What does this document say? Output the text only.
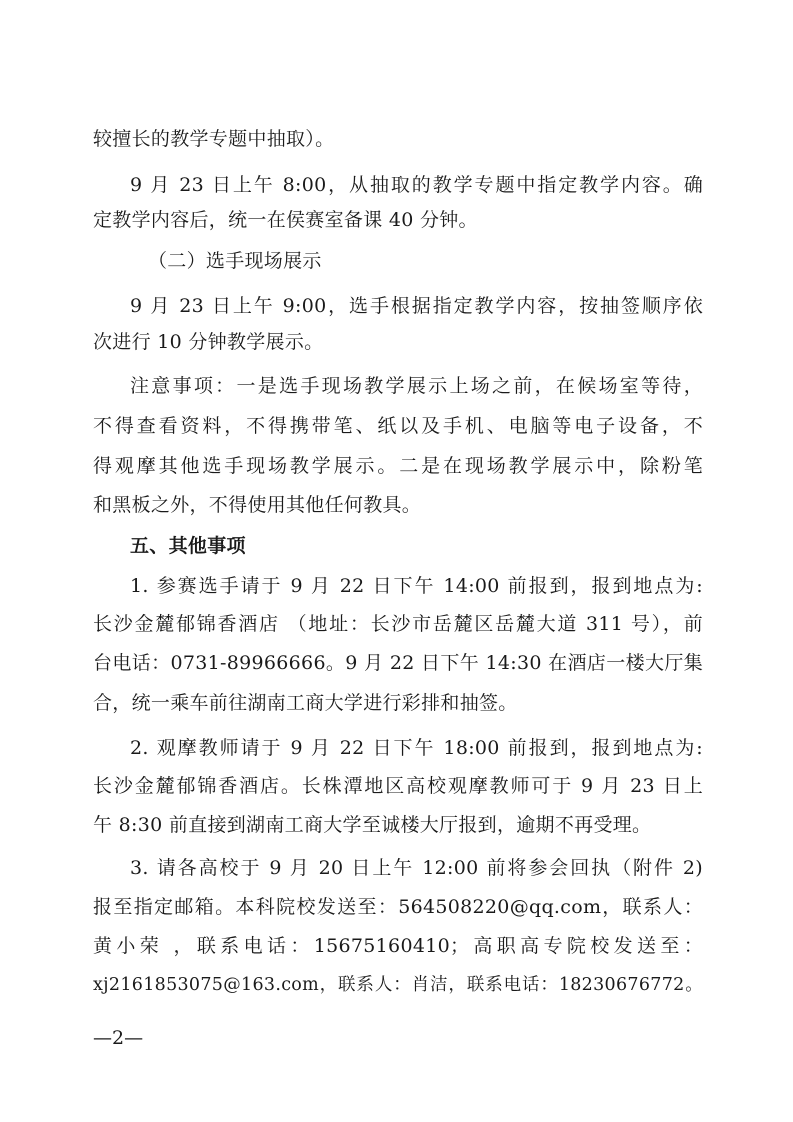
较擅长的教学专题中抽取）。
9 月 23 日上午 8:00，从抽取的教学专题中指定教学内容。确
定教学内容后，统一在侯赛室备课 40 分钟。
（二）选手现场展示
9 月 23 日上午 9:00，选手根据指定教学内容，按抽签顺序依
次进行 10 分钟教学展示。
注意事项：一是选手现场教学展示上场之前，在候场室等待，
不得查看资料，不得携带笔、纸以及手机、电脑等电子设备，不
得观摩其他选手现场教学展示。二是在现场教学展示中，除粉笔
和黑板之外，不得使用其他任何教具。
五、其他事项
1. 参赛选手请于 9 月 22 日下午 14:00 前报到，报到地点为:
长沙金麓郁锦香酒店 （地址：长沙市岳麓区岳麓大道 311 号），前
台电话：0731-89966666。9 月 22 日下午 14:30 在酒店一楼大厅集
合，统一乘车前往湖南工商大学进行彩排和抽签。
2. 观摩教师请于 9 月 22 日下午 18:00 前报到，报到地点为:
长沙金麓郁锦香酒店。长株潭地区高校观摩教师可于 9 月 23 日上
午 8:30 前直接到湖南工商大学至诚楼大厅报到，逾期不再受理。
3. 请各高校于 9 月 20 日上午 12:00 前将参会回执（附件 2)
报至指定邮箱。本科院校发送至：564508220@qq.com，联系人：
黄小荣 ，联系电话：15675160410；高职高专院校发送至：
xj2161853075@163.com，联系人：肖洁，联系电话：18230676772。
—2—
